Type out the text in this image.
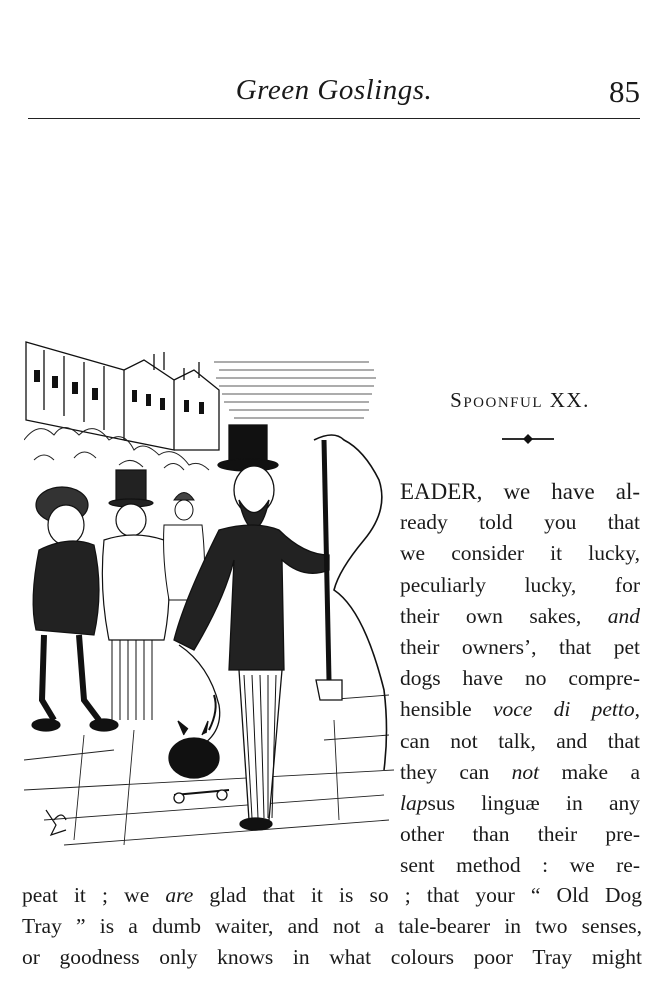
Green Goslings.	85
Spoonful XX.
EADER, we have al-
ready told you that
we consider it lucky,
peculiarly lucky, for
their own sakes, and
their owners’, that pet
dogs have no compre-
hensible voce di petto,
can not talk, and that
they can not make a
lapsus linguæ in any
other than their pre-
sent method : we re-
peat it ; we are glad that it is so ; that your “ Old Dog
Tray ” is a dumb waiter, and not a tale-bearer in two senses,
or goodness only knows in what colours poor Tray might
